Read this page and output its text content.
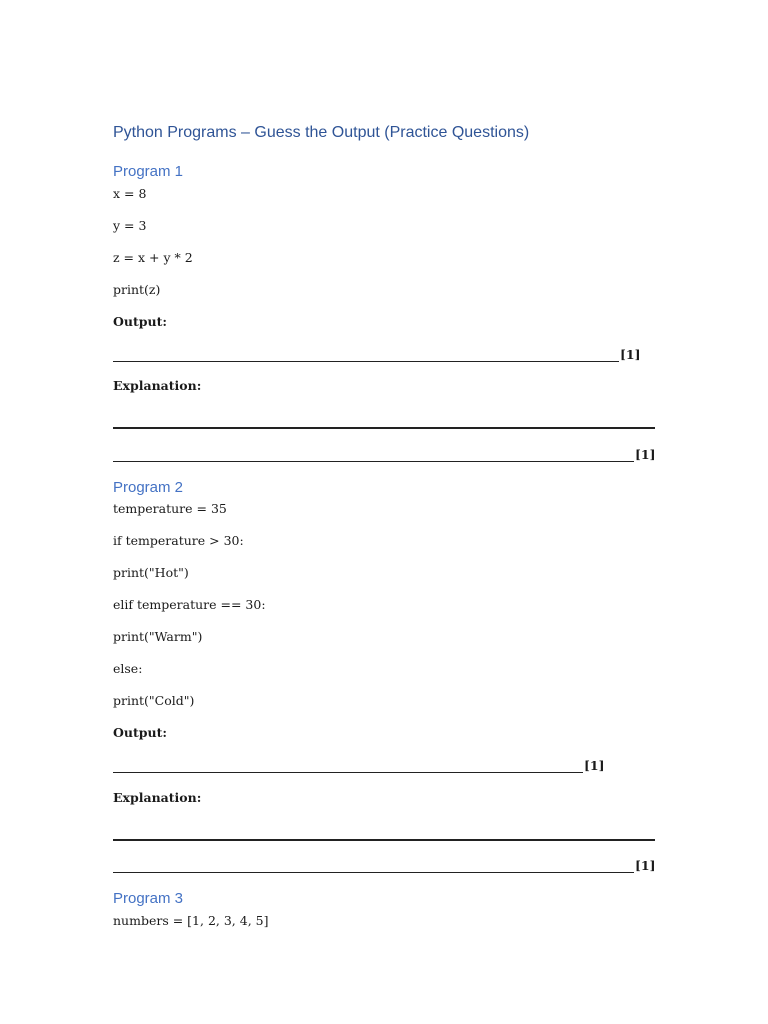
Python Programs – Guess the Output (Practice Questions)
Program 1
x = 8
y = 3
z = x + y * 2
print(z)
Output:
[1]
Explanation:
[1]
Program 2
temperature = 35
if temperature > 30:
print("Hot")
elif temperature == 30:
print("Warm")
else:
print("Cold")
Output:
[1]
Explanation:
[1]
Program 3
numbers = [1, 2, 3, 4, 5]
